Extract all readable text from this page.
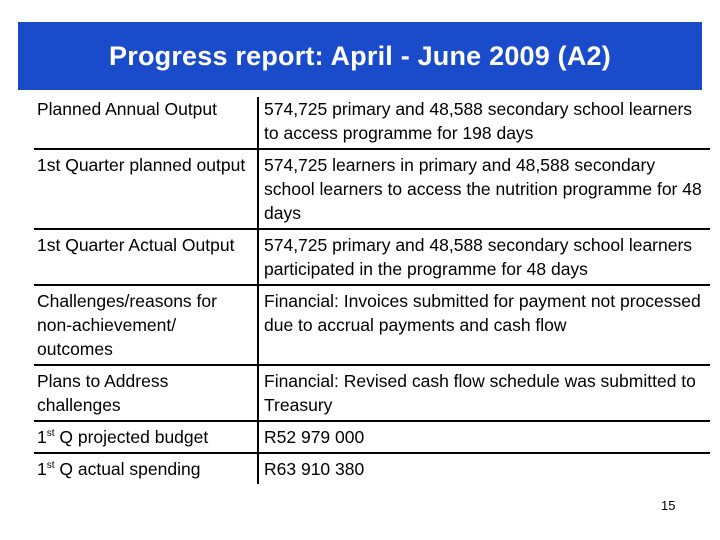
Progress report: April - June 2009 (A2)
Planned Annual Output	574,725 primary and 48,588 secondary school learners to access programme for 198 days
1st Quarter planned output	574,725 learners in primary and 48,588 secondary school learners to access the nutrition programme for 48 days
1st Quarter Actual Output	574,725 primary and 48,588 secondary school learners participated in the programme for 48 days
Challenges/reasons for non-achievement/ outcomes	Financial: Invoices submitted for payment not processed due to accrual payments and cash flow
Plans to Address challenges	Financial: Revised cash flow schedule was submitted to Treasury
1st Q projected budget	R52 979 000
1st Q actual spending	R63 910 380
15
